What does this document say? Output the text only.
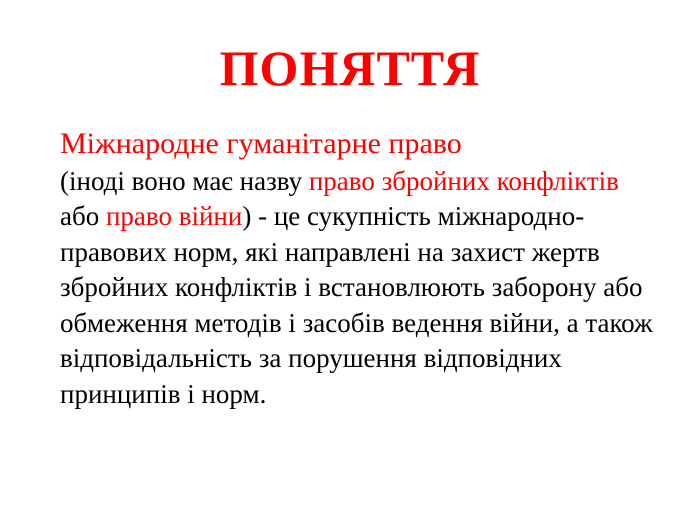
ПОНЯТТЯ
Міжнародне гуманітарне право
(іноді воно має назву право збройних конфліктів або право війни) - це сукупність міжнародно-правових норм, які направлені на захист жертв збройних конфліктів і встановлюють заборону або обмеження методів і засобів ведення війни, а також відповідальність за порушення відповідних принципів і норм.
